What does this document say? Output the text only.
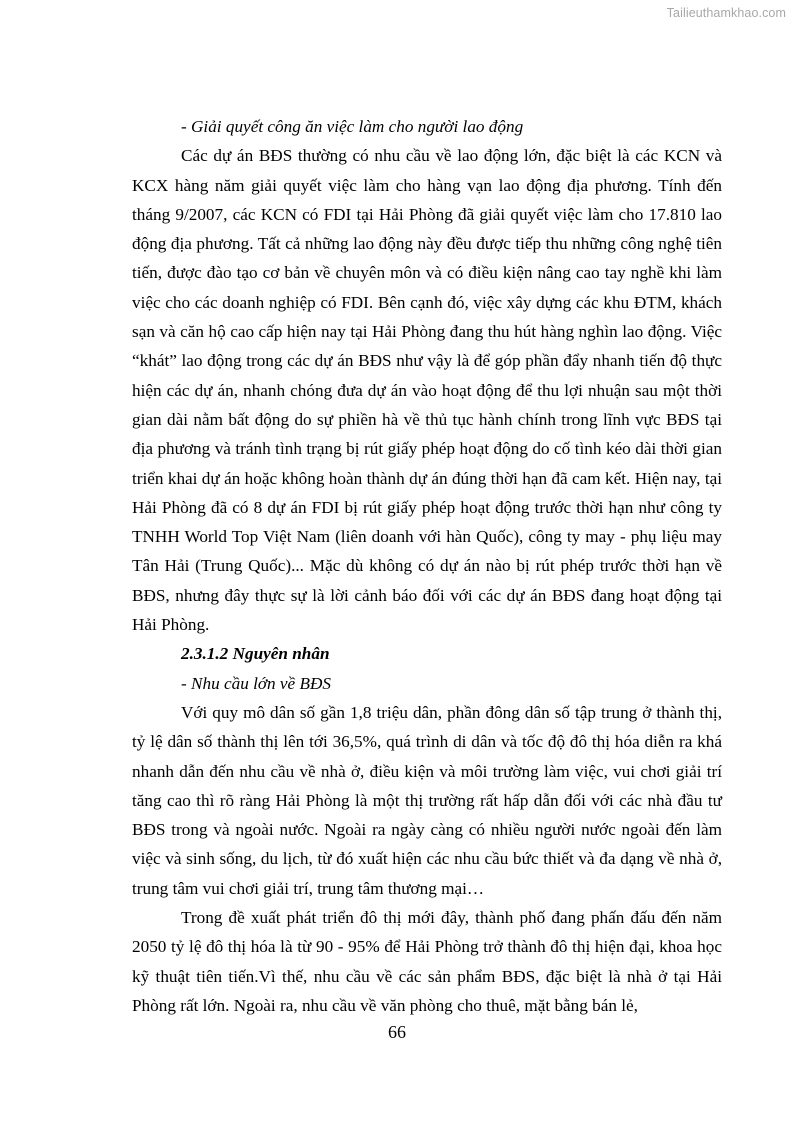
Tailieuthamkhao.com

- Giải quyết công ăn việc làm cho người lao động

Các dự án BĐS thường có nhu cầu về lao động lớn, đặc biệt là các KCN và KCX hàng năm giải quyết việc làm cho hàng vạn lao động địa phương. Tính đến tháng 9/2007, các KCN có FDI tại Hải Phòng đã giải quyết việc làm cho 17.810 lao động địa phương. Tất cả những lao động này đều được tiếp thu những công nghệ tiên tiến, được đào tạo cơ bản về chuyên môn và có điều kiện nâng cao tay nghề khi làm việc cho các doanh nghiệp có FDI. Bên cạnh đó, việc xây dựng các khu ĐTM, khách sạn và căn hộ cao cấp hiện nay tại Hải Phòng đang thu hút hàng nghìn lao động. Việc “khát” lao động trong các dự án BĐS như vậy là để góp phần đẩy nhanh tiến độ thực hiện các dự án, nhanh chóng đưa dự án vào hoạt động để thu lợi nhuận sau một thời gian dài nằm bất động do sự phiền hà về thủ tục hành chính trong lĩnh vực BĐS tại địa phương và tránh tình trạng bị rút giấy phép hoạt động do cố tình kéo dài thời gian triển khai dự án hoặc không hoàn thành dự án đúng thời hạn đã cam kết. Hiện nay, tại Hải Phòng đã có 8 dự án FDI bị rút giấy phép hoạt động trước thời hạn như công ty TNHH World Top Việt Nam (liên doanh với hàn Quốc), công ty may - phụ liệu may Tân Hải (Trung Quốc)... Mặc dù không có dự án nào bị rút phép trước thời hạn về BĐS, nhưng đây thực sự là lời cảnh báo đối với các dự án BĐS đang hoạt động tại Hải Phòng.

2.3.1.2 Nguyên nhân

- Nhu cầu lớn về BĐS

Với quy mô dân số gần 1,8 triệu dân, phần đông dân số tập trung ở thành thị, tỷ lệ dân số thành thị lên tới 36,5%, quá trình di dân và tốc độ đô thị hóa diễn ra khá nhanh dẫn đến nhu cầu về nhà ở, điều kiện và môi trường làm việc, vui chơi giải trí tăng cao thì rõ ràng Hải Phòng là một thị trường rất hấp dẫn đối với các nhà đầu tư BĐS trong và ngoài nước. Ngoài ra ngày càng có nhiều người nước ngoài đến làm việc và sinh sống, du lịch, từ đó xuất hiện các nhu cầu bức thiết và đa dạng về nhà ở, trung tâm vui chơi giải trí, trung tâm thương mại…

Trong đề xuất phát triển đô thị mới đây, thành phố đang phấn đấu đến năm 2050 tỷ lệ đô thị hóa là từ 90 - 95% để Hải Phòng trở thành đô thị hiện đại, khoa học kỹ thuật tiên tiến.Vì thế, nhu cầu về các sản phẩm BĐS, đặc biệt là nhà ở tại Hải Phòng rất lớn. Ngoài ra, nhu cầu về văn phòng cho thuê, mặt bằng bán lẻ,

66
